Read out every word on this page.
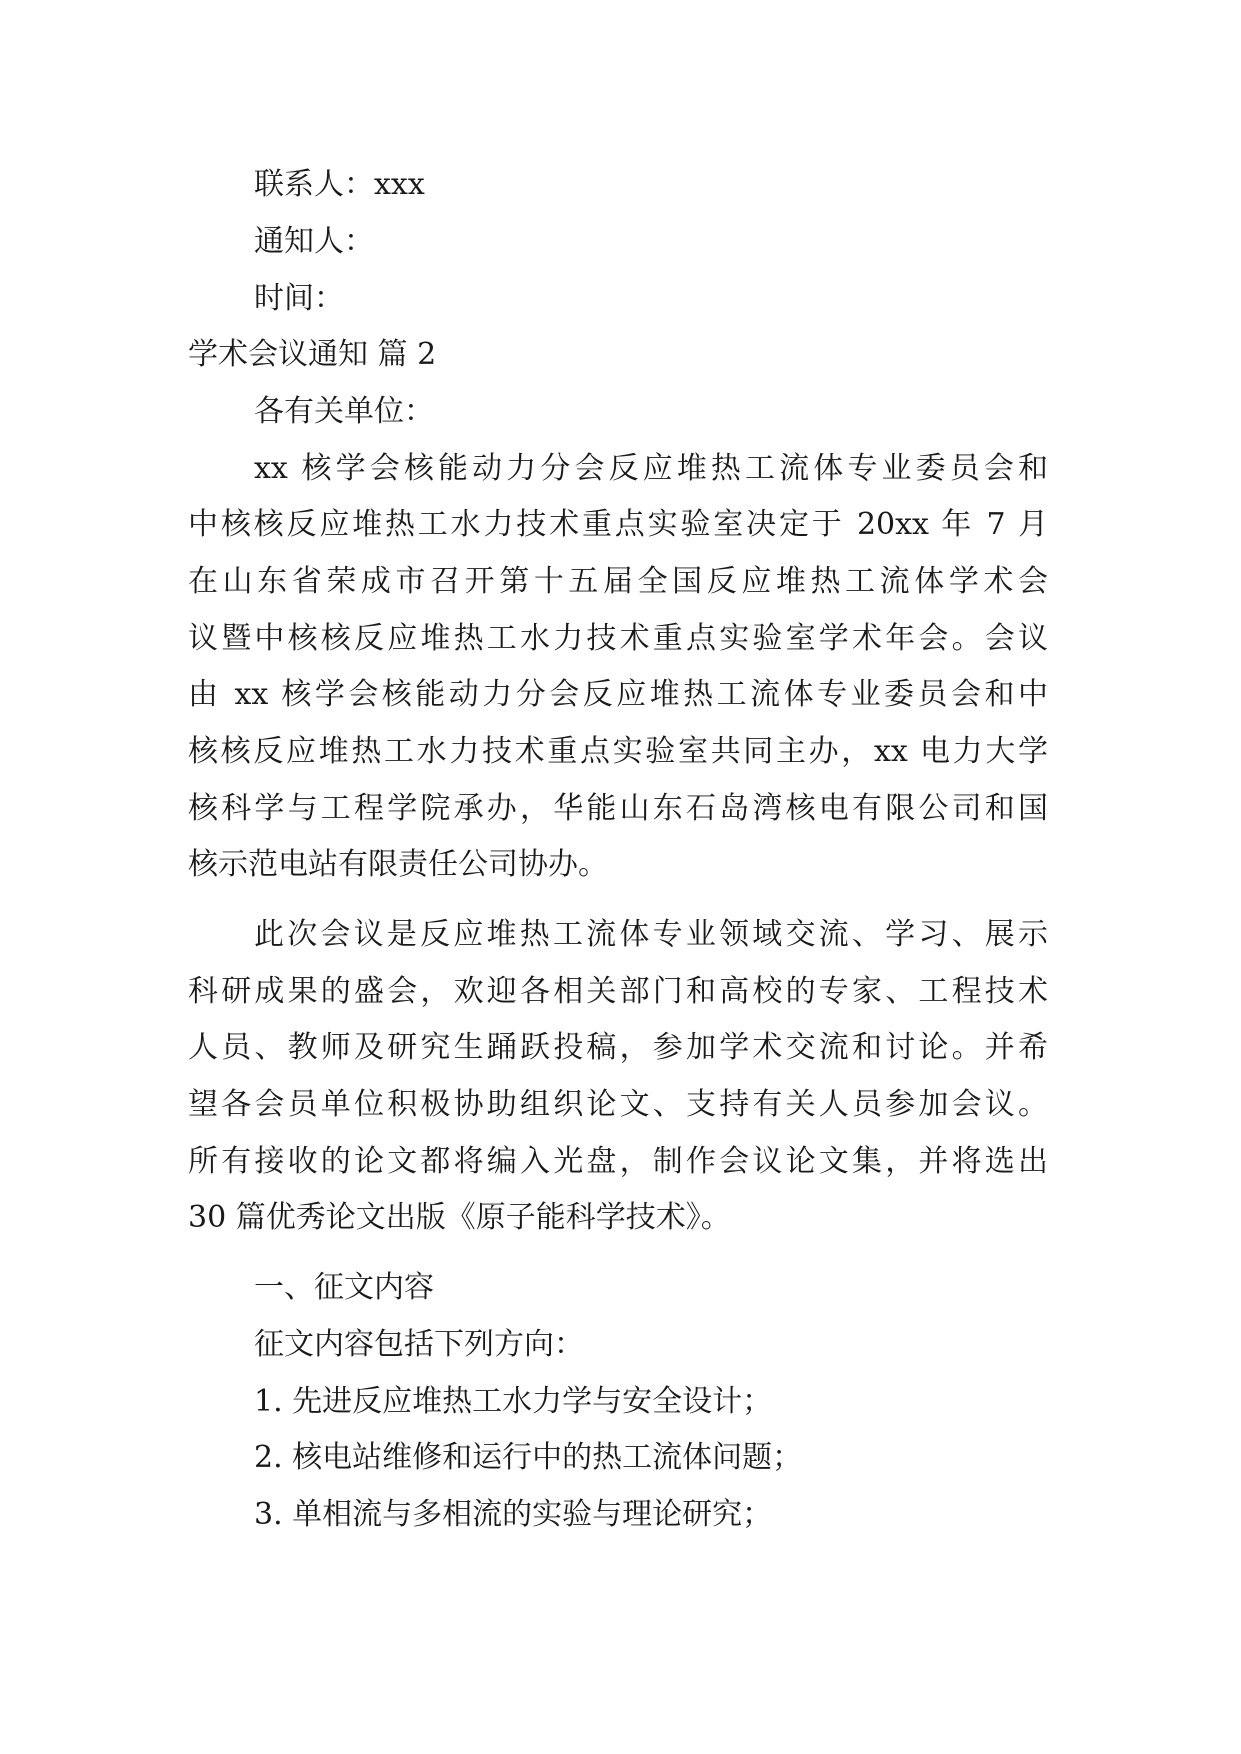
联系人：xxx
通知人：
时间：
学术会议通知 篇 2
各有关单位：
xx 核学会核能动力分会反应堆热工流体专业委员会和
中核核反应堆热工水力技术重点实验室决定于 20xx 年 7 月
在山东省荣成市召开第十五届全国反应堆热工流体学术会
议暨中核核反应堆热工水力技术重点实验室学术年会。会议
由 xx 核学会核能动力分会反应堆热工流体专业委员会和中
核核反应堆热工水力技术重点实验室共同主办，xx 电力大学
核科学与工程学院承办，华能山东石岛湾核电有限公司和国
核示范电站有限责任公司协办。
此次会议是反应堆热工流体专业领域交流、学习、展示
科研成果的盛会，欢迎各相关部门和高校的专家、工程技术
人员、教师及研究生踊跃投稿，参加学术交流和讨论。并希
望各会员单位积极协助组织论文、支持有关人员参加会议。
所有接收的论文都将编入光盘，制作会议论文集，并将选出
30 篇优秀论文出版《原子能科学技术》。
一、征文内容
征文内容包括下列方向：
1. 先进反应堆热工水力学与安全设计；
2. 核电站维修和运行中的热工流体问题；
3. 单相流与多相流的实验与理论研究；
